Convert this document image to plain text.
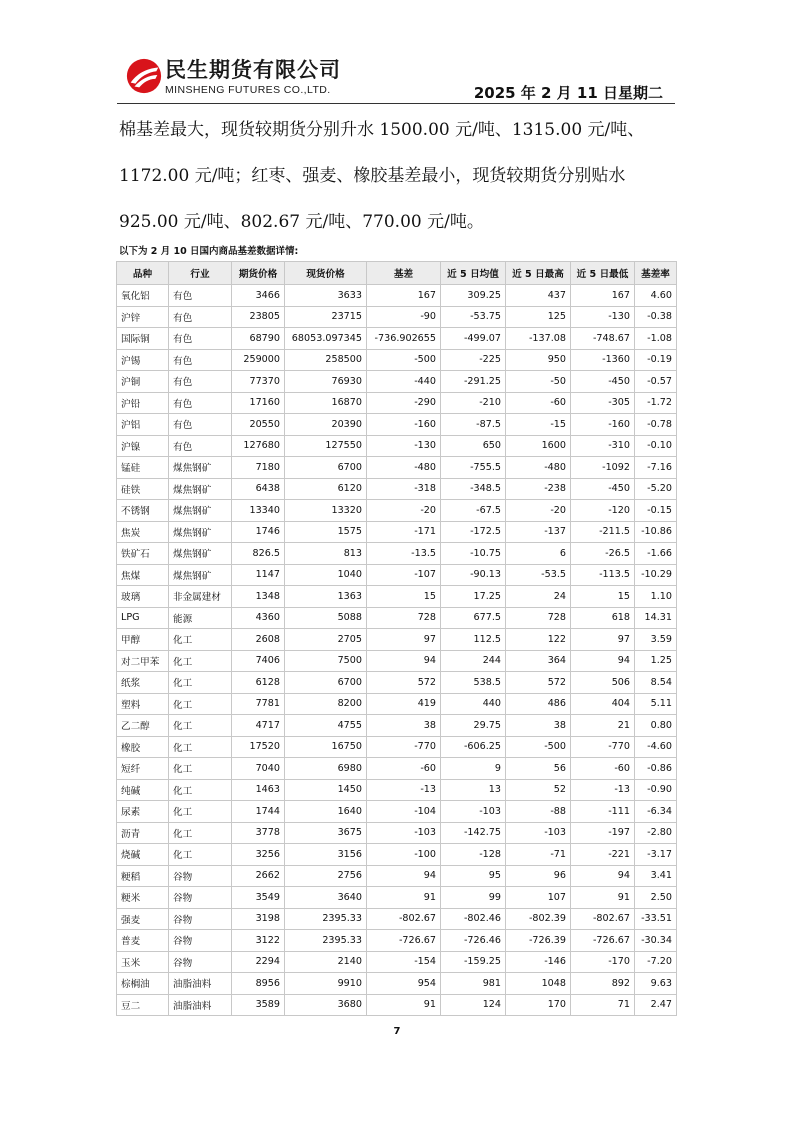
民生期货有限公司
MINSHENG FUTURES CO.,LTD.	2025 年 2 月 11 日星期二

棉基差最大，现货较期货分别升水 1500.00 元/吨、1315.00 元/吨、

1172.00 元/吨；红枣、强麦、橡胶基差最小，现货较期货分别贴水

925.00 元/吨、802.67 元/吨、770.00 元/吨。

以下为 2 月 10 日国内商品基差数据详情:
品种	行业	期货价格	现货价格	基差	近 5 日均值	近 5 日最高	近 5 日最低	基差率
氧化铝	有色	3466	3633	167	309.25	437	167	4.60
沪锌	有色	23805	23715	-90	-53.75	125	-130	-0.38
国际铜	有色	68790	68053.097345	-736.902655	-499.07	-137.08	-748.67	-1.08
沪锡	有色	259000	258500	-500	-225	950	-1360	-0.19
沪铜	有色	77370	76930	-440	-291.25	-50	-450	-0.57
沪铅	有色	17160	16870	-290	-210	-60	-305	-1.72
沪铝	有色	20550	20390	-160	-87.5	-15	-160	-0.78
沪镍	有色	127680	127550	-130	650	1600	-310	-0.10
锰硅	煤焦钢矿	7180	6700	-480	-755.5	-480	-1092	-7.16
硅铁	煤焦钢矿	6438	6120	-318	-348.5	-238	-450	-5.20
不锈钢	煤焦钢矿	13340	13320	-20	-67.5	-20	-120	-0.15
焦炭	煤焦钢矿	1746	1575	-171	-172.5	-137	-211.5	-10.86
铁矿石	煤焦钢矿	826.5	813	-13.5	-10.75	6	-26.5	-1.66
焦煤	煤焦钢矿	1147	1040	-107	-90.13	-53.5	-113.5	-10.29
玻璃	非金属建材	1348	1363	15	17.25	24	15	1.10
LPG	能源	4360	5088	728	677.5	728	618	14.31
甲醇	化工	2608	2705	97	112.5	122	97	3.59
对二甲苯	化工	7406	7500	94	244	364	94	1.25
纸浆	化工	6128	6700	572	538.5	572	506	8.54
塑料	化工	7781	8200	419	440	486	404	5.11
乙二醇	化工	4717	4755	38	29.75	38	21	0.80
橡胶	化工	17520	16750	-770	-606.25	-500	-770	-4.60
短纤	化工	7040	6980	-60	9	56	-60	-0.86
纯碱	化工	1463	1450	-13	13	52	-13	-0.90
尿素	化工	1744	1640	-104	-103	-88	-111	-6.34
沥青	化工	3778	3675	-103	-142.75	-103	-197	-2.80
烧碱	化工	3256	3156	-100	-128	-71	-221	-3.17
粳稻	谷物	2662	2756	94	95	96	94	3.41
粳米	谷物	3549	3640	91	99	107	91	2.50
强麦	谷物	3198	2395.33	-802.67	-802.46	-802.39	-802.67	-33.51
普麦	谷物	3122	2395.33	-726.67	-726.46	-726.39	-726.67	-30.34
玉米	谷物	2294	2140	-154	-159.25	-146	-170	-7.20
棕榈油	油脂油料	8956	9910	954	981	1048	892	9.63
豆二	油脂油料	3589	3680	91	124	170	71	2.47
7
